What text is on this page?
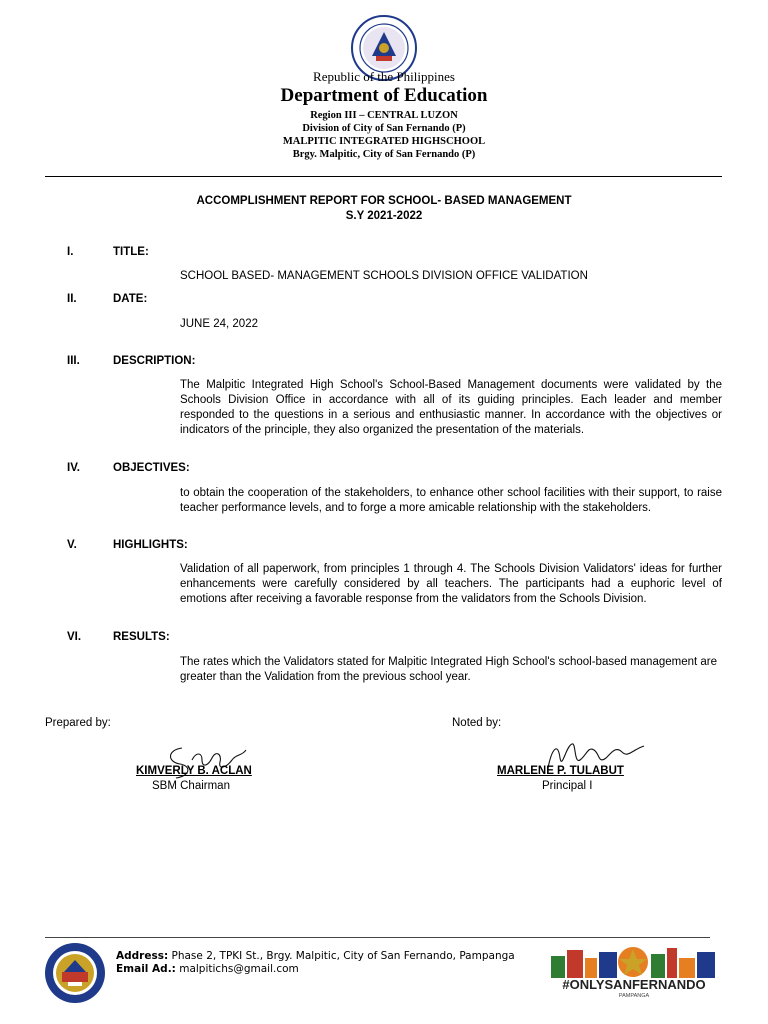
Republic of the Philippines
Department of Education
Region III – CENTRAL LUZON
Division of City of San Fernando (P)
MALPITIC INTEGRATED HIGHSCHOOL
Brgy. Malpitic, City of San Fernando (P)
ACCOMPLISHMENT REPORT FOR SCHOOL- BASED MANAGEMENT
S.Y 2021-2022
I.	TITLE:
SCHOOL BASED- MANAGEMENT SCHOOLS DIVISION OFFICE VALIDATION
II.	DATE:
JUNE 24, 2022
III.	DESCRIPTION:
The Malpitic Integrated High School's School-Based Management documents were validated by the Schools Division Office in accordance with all of its guiding principles. Each leader and member responded to the questions in a serious and enthusiastic manner. In accordance with the objectives or indicators of the principle, they also organized the presentation of the materials.
IV.	OBJECTIVES:
to obtain the cooperation of the stakeholders, to enhance other school facilities with their support, to raise teacher performance levels, and to forge a more amicable relationship with the stakeholders.
V.	HIGHLIGHTS:
Validation of all paperwork, from principles 1 through 4. The Schools Division Validators' ideas for further enhancements were carefully considered by all teachers. The participants had a euphoric level of emotions after receiving a favorable response from the validators from the Schools Division.
VI.	RESULTS:
The rates which the Validators stated for Malpitic Integrated High School's school-based management are greater than the Validation from the previous school year.
Prepared by:	Noted by:
KIMVERLY B. ACLAN
SBM Chairman
MARLENE P. TULABUT
Principal I
Address: Phase 2, TPKI St., Brgy. Malpitic, City of San Fernando, Pampanga
Email Ad.: malpitichs@gmail.com
#ONLYSANFERNANDO
PAMPANGA
